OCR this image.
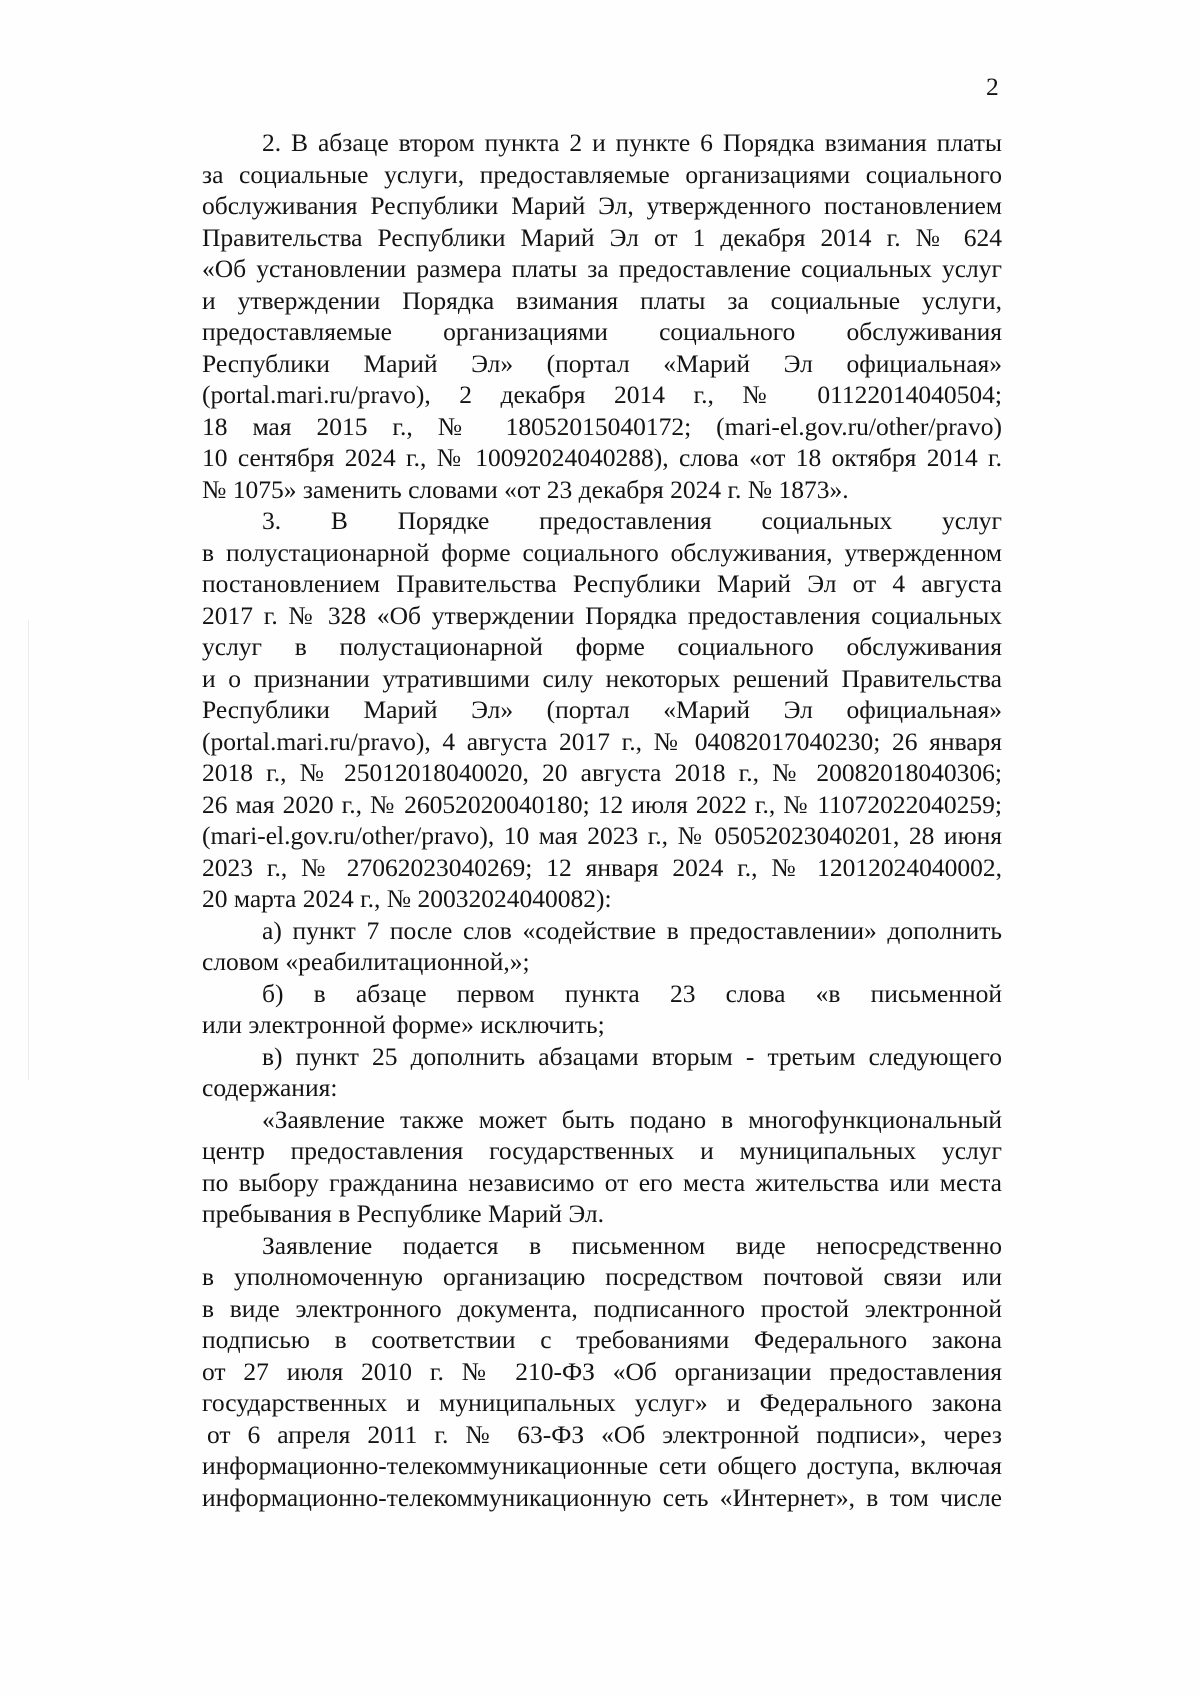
2
2. В абзаце втором пункта 2 и пункте 6 Порядка взимания платы
за социальные услуги, предоставляемые организациями социального
обслуживания Республики Марий Эл, утвержденного постановлением
Правительства Республики Марий Эл от 1 декабря 2014 г. № 624
«Об установлении размера платы за предоставление социальных услуг
и утверждении Порядка взимания платы за социальные услуги,
предоставляемые организациями социального обслуживания
Республики Марий Эл» (портал «Марий Эл официальная»
(portal.mari.ru/pravo), 2 декабря 2014 г., № 01122014040504;
18 мая 2015 г., № 18052015040172; (mari-el.gov.ru/other/pravo)
10 сентября 2024 г., № 10092024040288), слова «от 18 октября 2014 г.
№ 1075» заменить словами «от 23 декабря 2024 г. № 1873».
3. В Порядке предоставления социальных услуг
в полустационарной форме социального обслуживания, утвержденном
постановлением Правительства Республики Марий Эл от 4 августа
2017 г. № 328 «Об утверждении Порядка предоставления социальных
услуг в полустационарной форме социального обслуживания
и о признании утратившими силу некоторых решений Правительства
Республики Марий Эл» (портал «Марий Эл официальная»
(portal.mari.ru/pravo), 4 августа 2017 г., № 04082017040230; 26 января
2018 г., № 25012018040020, 20 августа 2018 г., № 20082018040306;
26 мая 2020 г., № 26052020040180; 12 июля 2022 г., № 11072022040259;
(mari-el.gov.ru/other/pravo), 10 мая 2023 г., № 05052023040201, 28 июня
2023 г., № 27062023040269; 12 января 2024 г., № 12012024040002,
20 марта 2024 г., № 20032024040082):
а) пункт 7 после слов «содействие в предоставлении» дополнить
словом «реабилитационной,»;
б) в абзаце первом пункта 23 слова «в письменной
или электронной форме» исключить;
в) пункт 25 дополнить абзацами вторым - третьим следующего
содержания:
«Заявление также может быть подано в многофункциональный
центр предоставления государственных и муниципальных услуг
по выбору гражданина независимо от его места жительства или места
пребывания в Республике Марий Эл.
Заявление подается в письменном виде непосредственно
в уполномоченную организацию посредством почтовой связи или
в виде электронного документа, подписанного простой электронной
подписью в соответствии с требованиями Федерального закона
от 27 июля 2010 г. № 210-ФЗ «Об организации предоставления
государственных и муниципальных услуг» и Федерального закона
от 6 апреля 2011 г. № 63-ФЗ «Об электронной подписи», через
информационно-телекоммуникационные сети общего доступа, включая
информационно-телекоммуникационную сеть «Интернет», в том числе
